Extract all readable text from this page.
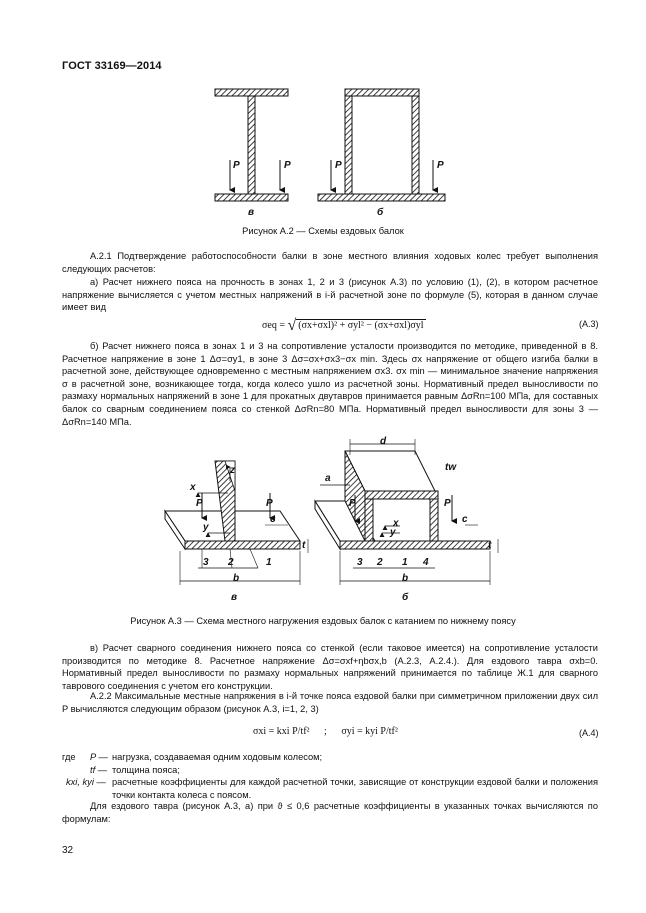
ГОСТ 33169—2014
P	P	P	P
в	б
Рисунок А.2 — Схемы ездовых балок
А.2.1 Подтверждение работоспособности балки в зоне местного влияния ходовых колес требует выполнения следующих расчетов:
а) Расчет нижнего пояса на прочность в зонах 1, 2 и 3 (рисунок А.3) по условию (1), (2), в котором расчетное напряжение вычисляется с учетом местных напряжений в i-й расчетной зоне по формуле (5), которая в данном случае имеет вид
σeq = √ (σx+σxl)² + σyl² − (σx+σxl)σyl	(А.3)
б) Расчет нижнего пояса в зонах 1 и 3 на сопротивление усталости производится по методике, приведенной в 8. Расчетное напряжение в зоне 1 Δσ=σy1, в зоне 3 Δσ=σx+σx3−σx min. Здесь σx напряжение от общего изгиба балки в расчетной зоне, действующее одновременно с местным напряжением σx3. σx min — минимальное значение напряжения σ в расчетной зоне, возникающее тогда, когда колесо ушло из расчетной зоны. Нормативный предел выносливости по размаху нормальных напряжений в зоне 1 для прокатных двутавров принимается равным ΔσRn=100 МПа, для составных балок со сварным соединением пояса со стенкой ΔσRn=80 МПа. Нормативный предел выносливости для зоны 3 — ΔσRn=140 МПа.
z
x
P	P
y
c
t
3 2	1
b
в
d
tw
a
P	P
x
y
c
t
3 2 1 4
b
б
Рисунок А.3 — Схема местного нагружения ездовых балок с катанием по нижнему поясу
в) Расчет сварного соединения нижнего пояса со стенкой (если таковое имеется) на сопротивление усталости производится по методике 8. Расчетное напряжение Δσ=σxf+ηbσx,b (А.2.3, А.2.4.). Для ездового тавра σxb=0. Нормативный предел выносливости по размаху нормальных напряжений принимается по таблице Ж.1 для сварного таврового соединения с учетом его конструкции.
А.2.2 Максимальные местные напряжения в i-й точке пояса ездовой балки при симметричном приложении двух сил P вычисляются следующим образом (рисунок А.3, i=1, 2, 3)
σxi = kxi P/tf² ; σyi = kyi P/tf²	(А.4)
где P — нагрузка, создаваемая одним ходовым колесом;
tf — толщина пояса;
kxi, kyi — расчетные коэффициенты для каждой расчетной точки, зависящие от конструкции ездовой балки и положения точки контакта колеса с поясом.
Для ездового тавра (рисунок А.3, а) при ϑ ≤ 0,6 расчетные коэффициенты в указанных точках вычисляются по формулам:
32
